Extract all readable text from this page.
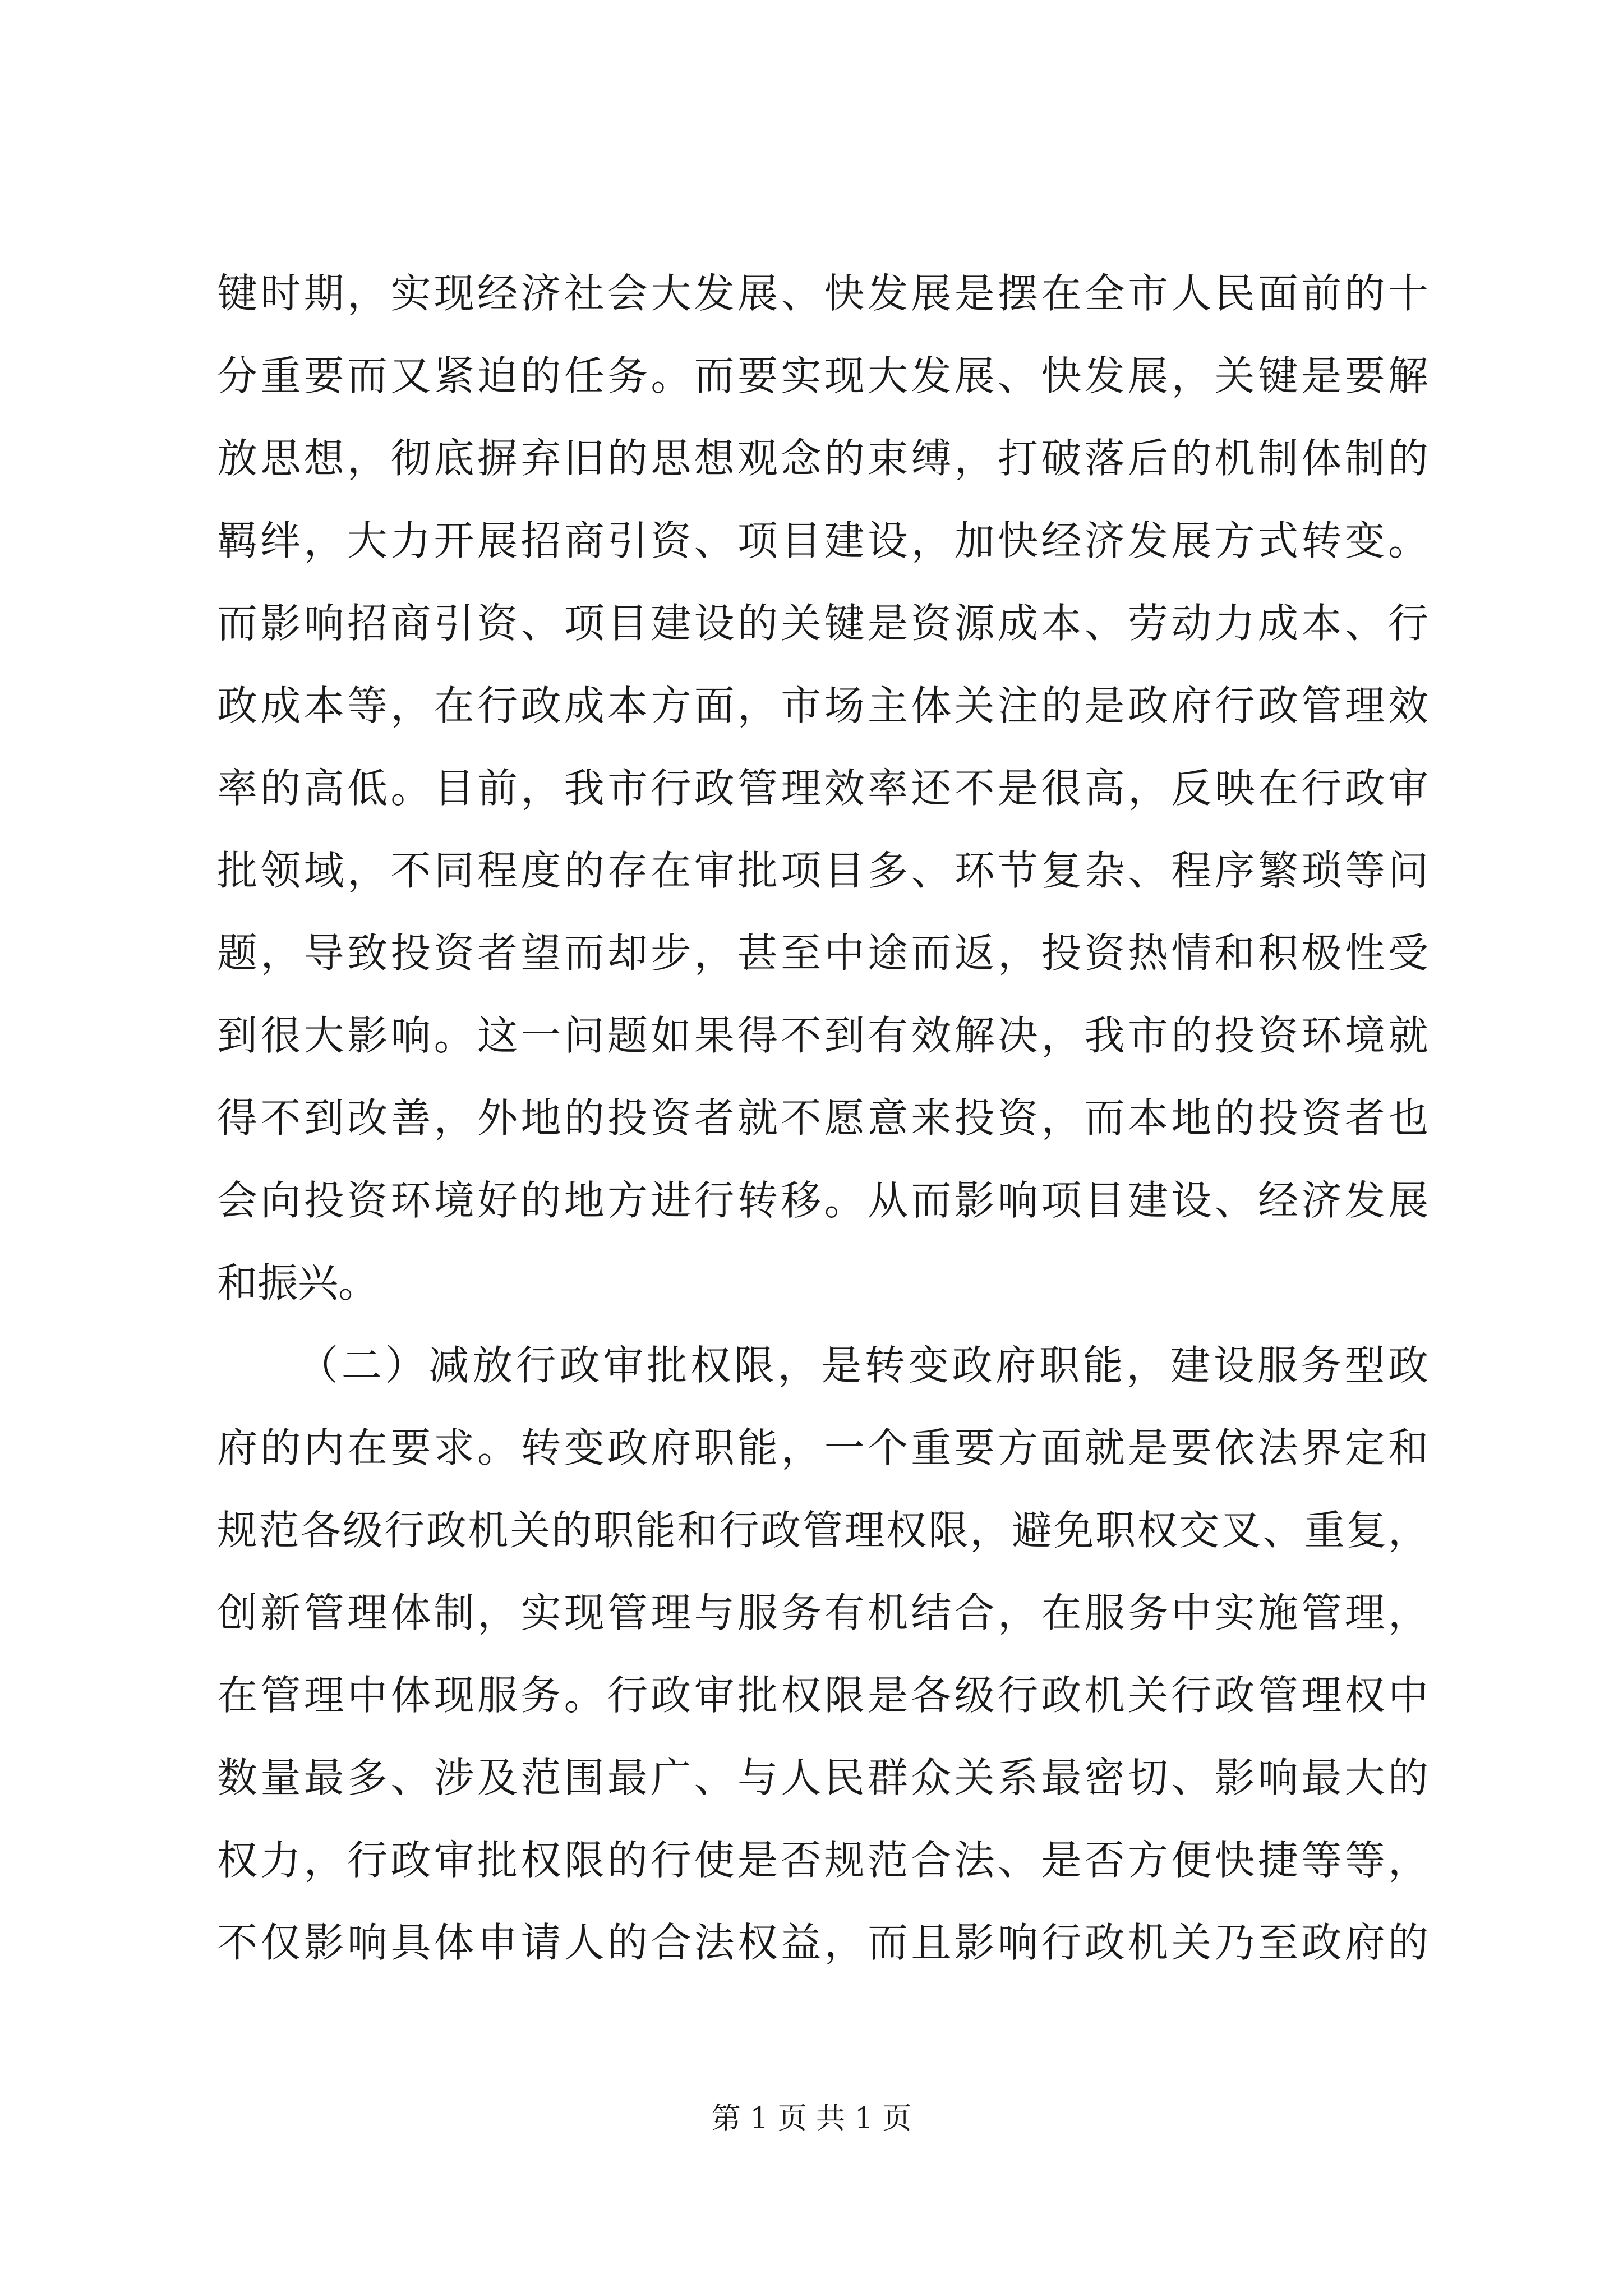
键时期，实现经济社会大发展、快发展是摆在全市人民面前的十
分重要而又紧迫的任务。而要实现大发展、快发展，关键是要解
放思想，彻底摒弃旧的思想观念的束缚，打破落后的机制体制的
羁绊，大力开展招商引资、项目建设，加快经济发展方式转变。
而影响招商引资、项目建设的关键是资源成本、劳动力成本、行
政成本等，在行政成本方面，市场主体关注的是政府行政管理效
率的高低。目前，我市行政管理效率还不是很高，反映在行政审
批领域，不同程度的存在审批项目多、环节复杂、程序繁琐等问
题，导致投资者望而却步，甚至中途而返，投资热情和积极性受
到很大影响。这一问题如果得不到有效解决，我市的投资环境就
得不到改善，外地的投资者就不愿意来投资，而本地的投资者也
会向投资环境好的地方进行转移。从而影响项目建设、经济发展
和振兴。
（二）减放行政审批权限，是转变政府职能，建设服务型政
府的内在要求。转变政府职能，一个重要方面就是要依法界定和
规范各级行政机关的职能和行政管理权限，避免职权交叉、重复，
创新管理体制，实现管理与服务有机结合，在服务中实施管理，
在管理中体现服务。行政审批权限是各级行政机关行政管理权中
数量最多、涉及范围最广、与人民群众关系最密切、影响最大的
权力，行政审批权限的行使是否规范合法、是否方便快捷等等，
不仅影响具体申请人的合法权益，而且影响行政机关乃至政府的
第 1 页 共 1 页
